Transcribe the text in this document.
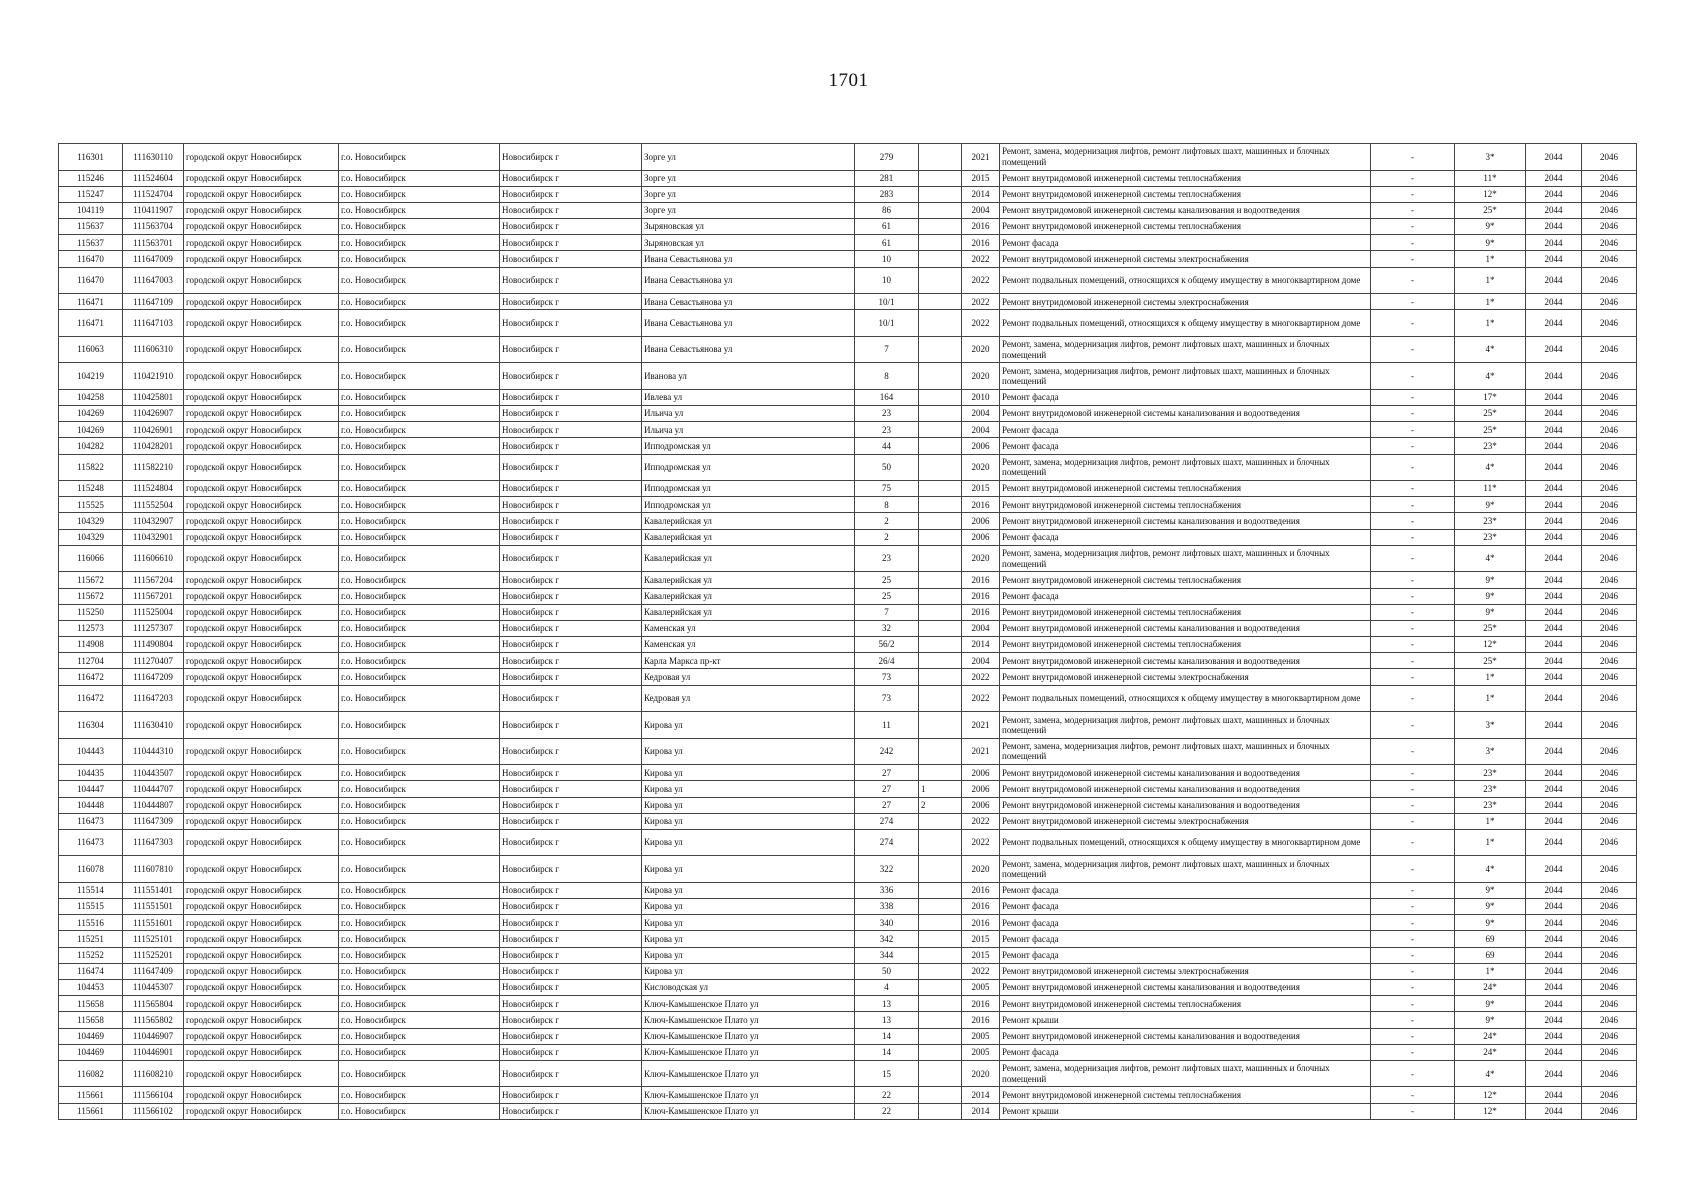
1701
116301	111630110	городской округ Новосибирск	г.о. Новосибирск	Новосибирск г	Зорге ул	279		2021	Ремонт, замена, модернизация лифтов, ремонт лифтовых шахт, машинных и блочных помещений	-	3*	2044	2046
115246	111524604	городской округ Новосибирск	г.о. Новосибирск	Новосибирск г	Зорге ул	281		2015	Ремонт внутридомовой инженерной системы теплоснабжения	-	11*	2044	2046
115247	111524704	городской округ Новосибирск	г.о. Новосибирск	Новосибирск г	Зорге ул	283		2014	Ремонт внутридомовой инженерной системы теплоснабжения	-	12*	2044	2046
104119	110411907	городской округ Новосибирск	г.о. Новосибирск	Новосибирск г	Зорге ул	86		2004	Ремонт внутридомовой инженерной системы канализования и водоотведения	-	25*	2044	2046
115637	111563704	городской округ Новосибирск	г.о. Новосибирск	Новосибирск г	Зыряновская ул	61		2016	Ремонт внутридомовой инженерной системы теплоснабжения	-	9*	2044	2046
115637	111563701	городской округ Новосибирск	г.о. Новосибирск	Новосибирск г	Зыряновская ул	61		2016	Ремонт фасада	-	9*	2044	2046
116470	111647009	городской округ Новосибирск	г.о. Новосибирск	Новосибирск г	Ивана Севастьянова ул	10		2022	Ремонт внутридомовой инженерной системы электроснабжения	-	1*	2044	2046
116470	111647003	городской округ Новосибирск	г.о. Новосибирск	Новосибирск г	Ивана Севастьянова ул	10		2022	Ремонт подвальных помещений, относящихся к общему имуществу в многоквартирном доме	-	1*	2044	2046
116471	111647109	городской округ Новосибирск	г.о. Новосибирск	Новосибирск г	Ивана Севастьянова ул	10/1		2022	Ремонт внутридомовой инженерной системы электроснабжения	-	1*	2044	2046
116471	111647103	городской округ Новосибирск	г.о. Новосибирск	Новосибирск г	Ивана Севастьянова ул	10/1		2022	Ремонт подвальных помещений, относящихся к общему имуществу в многоквартирном доме	-	1*	2044	2046
116063	111606310	городской округ Новосибирск	г.о. Новосибирск	Новосибирск г	Ивана Севастьянова ул	7		2020	Ремонт, замена, модернизация лифтов, ремонт лифтовых шахт, машинных и блочных помещений	-	4*	2044	2046
104219	110421910	городской округ Новосибирск	г.о. Новосибирск	Новосибирск г	Иванова ул	8		2020	Ремонт, замена, модернизация лифтов, ремонт лифтовых шахт, машинных и блочных помещений	-	4*	2044	2046
104258	110425801	городской округ Новосибирск	г.о. Новосибирск	Новосибирск г	Ивлева ул	164		2010	Ремонт фасада	-	17*	2044	2046
104269	110426907	городской округ Новосибирск	г.о. Новосибирск	Новосибирск г	Ильича ул	23		2004	Ремонт внутридомовой инженерной системы канализования и водоотведения	-	25*	2044	2046
104269	110426901	городской округ Новосибирск	г.о. Новосибирск	Новосибирск г	Ильича ул	23		2004	Ремонт фасада	-	25*	2044	2046
104282	110428201	городской округ Новосибирск	г.о. Новосибирск	Новосибирск г	Ипподромская ул	44		2006	Ремонт фасада	-	23*	2044	2046
115822	111582210	городской округ Новосибирск	г.о. Новосибирск	Новосибирск г	Ипподромская ул	50		2020	Ремонт, замена, модернизация лифтов, ремонт лифтовых шахт, машинных и блочных помещений	-	4*	2044	2046
115248	111524804	городской округ Новосибирск	г.о. Новосибирск	Новосибирск г	Ипподромская ул	75		2015	Ремонт внутридомовой инженерной системы теплоснабжения	-	11*	2044	2046
115525	111552504	городской округ Новосибирск	г.о. Новосибирск	Новосибирск г	Ипподромская ул	8		2016	Ремонт внутридомовой инженерной системы теплоснабжения	-	9*	2044	2046
104329	110432907	городской округ Новосибирск	г.о. Новосибирск	Новосибирск г	Кавалерийская ул	2		2006	Ремонт внутридомовой инженерной системы канализования и водоотведения	-	23*	2044	2046
104329	110432901	городской округ Новосибирск	г.о. Новосибирск	Новосибирск г	Кавалерийская ул	2		2006	Ремонт фасада	-	23*	2044	2046
116066	111606610	городской округ Новосибирск	г.о. Новосибирск	Новосибирск г	Кавалерийская ул	23		2020	Ремонт, замена, модернизация лифтов, ремонт лифтовых шахт, машинных и блочных помещений	-	4*	2044	2046
115672	111567204	городской округ Новосибирск	г.о. Новосибирск	Новосибирск г	Кавалерийская ул	25		2016	Ремонт внутридомовой инженерной системы теплоснабжения	-	9*	2044	2046
115672	111567201	городской округ Новосибирск	г.о. Новосибирск	Новосибирск г	Кавалерийская ул	25		2016	Ремонт фасада	-	9*	2044	2046
115250	111525004	городской округ Новосибирск	г.о. Новосибирск	Новосибирск г	Кавалерийская ул	7		2016	Ремонт внутридомовой инженерной системы теплоснабжения	-	9*	2044	2046
112573	111257307	городской округ Новосибирск	г.о. Новосибирск	Новосибирск г	Каменская ул	32		2004	Ремонт внутридомовой инженерной системы канализования и водоотведения	-	25*	2044	2046
114908	111490804	городской округ Новосибирск	г.о. Новосибирск	Новосибирск г	Каменская ул	56/2		2014	Ремонт внутридомовой инженерной системы теплоснабжения	-	12*	2044	2046
112704	111270407	городской округ Новосибирск	г.о. Новосибирск	Новосибирск г	Карла Маркса пр-кт	26/4		2004	Ремонт внутридомовой инженерной системы канализования и водоотведения	-	25*	2044	2046
116472	111647209	городской округ Новосибирск	г.о. Новосибирск	Новосибирск г	Кедровая ул	73		2022	Ремонт внутридомовой инженерной системы электроснабжения	-	1*	2044	2046
116472	111647203	городской округ Новосибирск	г.о. Новосибирск	Новосибирск г	Кедровая ул	73		2022	Ремонт подвальных помещений, относящихся к общему имуществу в многоквартирном доме	-	1*	2044	2046
116304	111630410	городской округ Новосибирск	г.о. Новосибирск	Новосибирск г	Кирова ул	11		2021	Ремонт, замена, модернизация лифтов, ремонт лифтовых шахт, машинных и блочных помещений	-	3*	2044	2046
104443	110444310	городской округ Новосибирск	г.о. Новосибирск	Новосибирск г	Кирова ул	242		2021	Ремонт, замена, модернизация лифтов, ремонт лифтовых шахт, машинных и блочных помещений	-	3*	2044	2046
104435	110443507	городской округ Новосибирск	г.о. Новосибирск	Новосибирск г	Кирова ул	27		2006	Ремонт внутридомовой инженерной системы канализования и водоотведения	-	23*	2044	2046
104447	110444707	городской округ Новосибирск	г.о. Новосибирск	Новосибирск г	Кирова ул	27	1	2006	Ремонт внутридомовой инженерной системы канализования и водоотведения	-	23*	2044	2046
104448	110444807	городской округ Новосибирск	г.о. Новосибирск	Новосибирск г	Кирова ул	27	2	2006	Ремонт внутридомовой инженерной системы канализования и водоотведения	-	23*	2044	2046
116473	111647309	городской округ Новосибирск	г.о. Новосибирск	Новосибирск г	Кирова ул	274		2022	Ремонт внутридомовой инженерной системы электроснабжения	-	1*	2044	2046
116473	111647303	городской округ Новосибирск	г.о. Новосибирск	Новосибирск г	Кирова ул	274		2022	Ремонт подвальных помещений, относящихся к общему имуществу в многоквартирном доме	-	1*	2044	2046
116078	111607810	городской округ Новосибирск	г.о. Новосибирск	Новосибирск г	Кирова ул	322		2020	Ремонт, замена, модернизация лифтов, ремонт лифтовых шахт, машинных и блочных помещений	-	4*	2044	2046
115514	111551401	городской округ Новосибирск	г.о. Новосибирск	Новосибирск г	Кирова ул	336		2016	Ремонт фасада	-	9*	2044	2046
115515	111551501	городской округ Новосибирск	г.о. Новосибирск	Новосибирск г	Кирова ул	338		2016	Ремонт фасада	-	9*	2044	2046
115516	111551601	городской округ Новосибирск	г.о. Новосибирск	Новосибирск г	Кирова ул	340		2016	Ремонт фасада	-	9*	2044	2046
115251	111525101	городской округ Новосибирск	г.о. Новосибирск	Новосибирск г	Кирова ул	342		2015	Ремонт фасада	-	69	2044	2046
115252	111525201	городской округ Новосибирск	г.о. Новосибирск	Новосибирск г	Кирова ул	344		2015	Ремонт фасада	-	69	2044	2046
116474	111647409	городской округ Новосибирск	г.о. Новосибирск	Новосибирск г	Кирова ул	50		2022	Ремонт внутридомовой инженерной системы электроснабжения	-	1*	2044	2046
104453	110445307	городской округ Новосибирск	г.о. Новосибирск	Новосибирск г	Кисловодская ул	4		2005	Ремонт внутридомовой инженерной системы канализования и водоотведения	-	24*	2044	2046
115658	111565804	городской округ Новосибирск	г.о. Новосибирск	Новосибирск г	Ключ-Камышенское Плато ул	13		2016	Ремонт внутридомовой инженерной системы теплоснабжения	-	9*	2044	2046
115658	111565802	городской округ Новосибирск	г.о. Новосибирск	Новосибирск г	Ключ-Камышенское Плато ул	13		2016	Ремонт крыши	-	9*	2044	2046
104469	110446907	городской округ Новосибирск	г.о. Новосибирск	Новосибирск г	Ключ-Камышенское Плато ул	14		2005	Ремонт внутридомовой инженерной системы канализования и водоотведения	-	24*	2044	2046
104469	110446901	городской округ Новосибирск	г.о. Новосибирск	Новосибирск г	Ключ-Камышенское Плато ул	14		2005	Ремонт фасада	-	24*	2044	2046
116082	111608210	городской округ Новосибирск	г.о. Новосибирск	Новосибирск г	Ключ-Камышенское Плато ул	15		2020	Ремонт, замена, модернизация лифтов, ремонт лифтовых шахт, машинных и блочных помещений	-	4*	2044	2046
115661	111566104	городской округ Новосибирск	г.о. Новосибирск	Новосибирск г	Ключ-Камышенское Плато ул	22		2014	Ремонт внутридомовой инженерной системы теплоснабжения	-	12*	2044	2046
115661	111566102	городской округ Новосибирск	г.о. Новосибирск	Новосибирск г	Ключ-Камышенское Плато ул	22		2014	Ремонт крыши	-	12*	2044	2046
